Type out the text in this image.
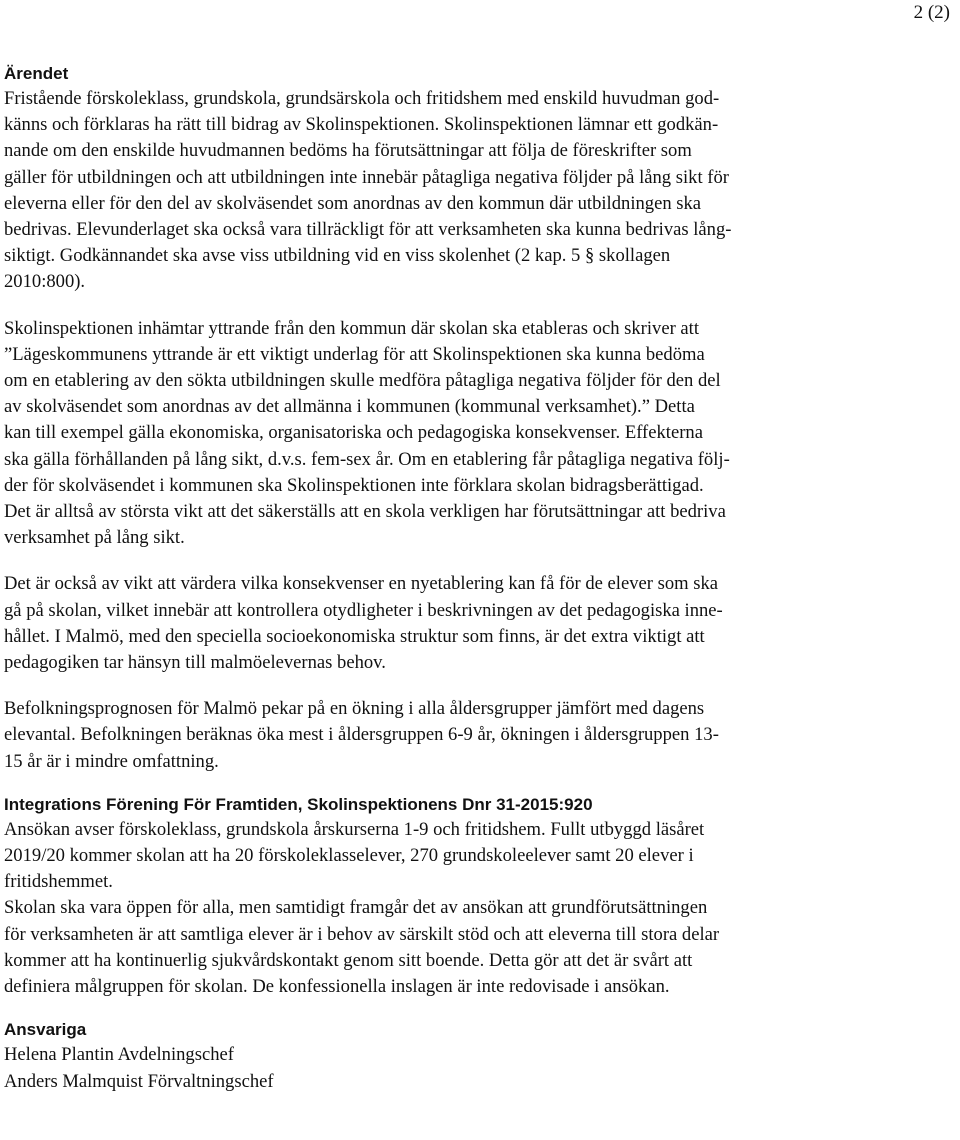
2 (2)
Ärendet

Fristående förskoleklass, grundskola, grundsärskola och fritidshem med enskild huvudman god-
känns och förklaras ha rätt till bidrag av Skolinspektionen. Skolinspektionen lämnar ett godkän-
nande om den enskilde huvudmannen bedöms ha förutsättningar att följa de föreskrifter som
gäller för utbildningen och att utbildningen inte innebär påtagliga negativa följder på lång sikt för
eleverna eller för den del av skolväsendet som anordnas av den kommun där utbildningen ska
bedrivas. Elevunderlaget ska också vara tillräckligt för att verksamheten ska kunna bedrivas lång-
siktigt. Godkännandet ska avse viss utbildning vid en viss skolenhet (2 kap. 5 § skollagen
2010:800).

Skolinspektionen inhämtar yttrande från den kommun där skolan ska etableras och skriver att
”Lägeskommunens yttrande är ett viktigt underlag för att Skolinspektionen ska kunna bedöma
om en etablering av den sökta utbildningen skulle medföra påtagliga negativa följder för den del
av skolväsendet som anordnas av det allmänna i kommunen (kommunal verksamhet).” Detta
kan till exempel gälla ekonomiska, organisatoriska och pedagogiska konsekvenser. Effekterna
ska gälla förhållanden på lång sikt, d.v.s. fem-sex år. Om en etablering får påtagliga negativa följ-
der för skolväsendet i kommunen ska Skolinspektionen inte förklara skolan bidragsberättigad.
Det är alltså av största vikt att det säkerställs att en skola verkligen har förutsättningar att bedriva
verksamhet på lång sikt.

Det är också av vikt att värdera vilka konsekvenser en nyetablering kan få för de elever som ska
gå på skolan, vilket innebär att kontrollera otydligheter i beskrivningen av det pedagogiska inne-
hållet. I Malmö, med den speciella socioekonomiska struktur som finns, är det extra viktigt att
pedagogiken tar hänsyn till malmöelevernas behov.

Befolkningsprognosen för Malmö pekar på en ökning i alla åldersgrupper jämfört med dagens
elevantal. Befolkningen beräknas öka mest i åldersgruppen 6-9 år, ökningen i åldersgruppen 13-
15 år är i mindre omfattning.

Integrations Förening För Framtiden, Skolinspektionens Dnr 31-2015:920

Ansökan avser förskoleklass, grundskola årskurserna 1-9 och fritidshem. Fullt utbyggd läsåret
2019/20 kommer skolan att ha 20 förskoleklasselever, 270 grundskoleelever samt 20 elever i
fritidshemmet.

Skolan ska vara öppen för alla, men samtidigt framgår det av ansökan att grundförutsättningen
för verksamheten är att samtliga elever är i behov av särskilt stöd och att eleverna till stora delar
kommer att ha kontinuerlig sjukvårdskontakt genom sitt boende. Detta gör att det är svårt att
definiera målgruppen för skolan. De konfessionella inslagen är inte redovisade i ansökan.

Ansvariga

Helena Plantin Avdelningschef
Anders Malmquist Förvaltningschef
